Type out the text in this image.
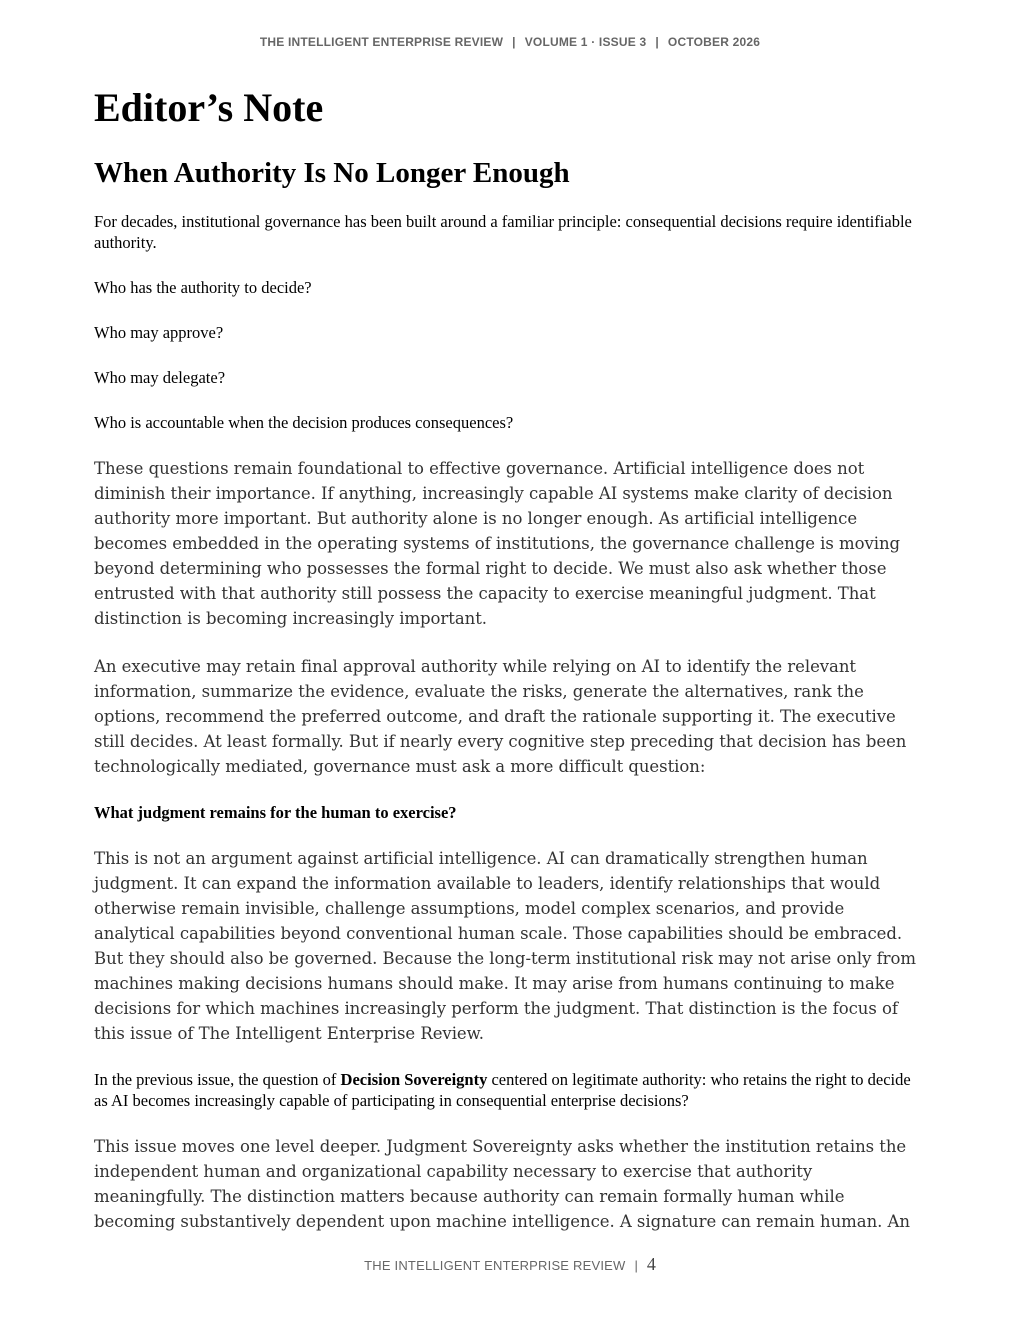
THE INTELLIGENT ENTERPRISE REVIEW | VOLUME 1 · ISSUE 3 | OCTOBER 2026
Editor’s Note
When Authority Is No Longer Enough

For decades, institutional governance has been built around a familiar principle: consequential decisions require identifiable authority.

Who has the authority to decide?

Who may approve?

Who may delegate?

Who is accountable when the decision produces consequences?

These questions remain foundational to effective governance. Artificial intelligence does not diminish their importance. If anything, increasingly capable AI systems make clarity of decision authority more important. But authority alone is no longer enough. As artificial intelligence becomes embedded in the operating systems of institutions, the governance challenge is moving beyond determining who possesses the formal right to decide. We must also ask whether those entrusted with that authority still possess the capacity to exercise meaningful judgment. That distinction is becoming increasingly important.

An executive may retain final approval authority while relying on AI to identify the relevant information, summarize the evidence, evaluate the risks, generate the alternatives, rank the options, recommend the preferred outcome, and draft the rationale supporting it. The executive still decides. At least formally. But if nearly every cognitive step preceding that decision has been technologically mediated, governance must ask a more difficult question:

What judgment remains for the human to exercise?

This is not an argument against artificial intelligence. AI can dramatically strengthen human judgment. It can expand the information available to leaders, identify relationships that would otherwise remain invisible, challenge assumptions, model complex scenarios, and provide analytical capabilities beyond conventional human scale. Those capabilities should be embraced. But they should also be governed. Because the long-term institutional risk may not arise only from machines making decisions humans should make. It may arise from humans continuing to make decisions for which machines increasingly perform the judgment. That distinction is the focus of this issue of The Intelligent Enterprise Review.

In the previous issue, the question of Decision Sovereignty centered on legitimate authority: who retains the right to decide as AI becomes increasingly capable of participating in consequential enterprise decisions?

This issue moves one level deeper. Judgment Sovereignty asks whether the institution retains the independent human and organizational capability necessary to exercise that authority meaningfully. The distinction matters because authority can remain formally human while becoming substantively dependent upon machine intelligence. A signature can remain human. An

THE INTELLIGENT ENTERPRISE REVIEW | 4
